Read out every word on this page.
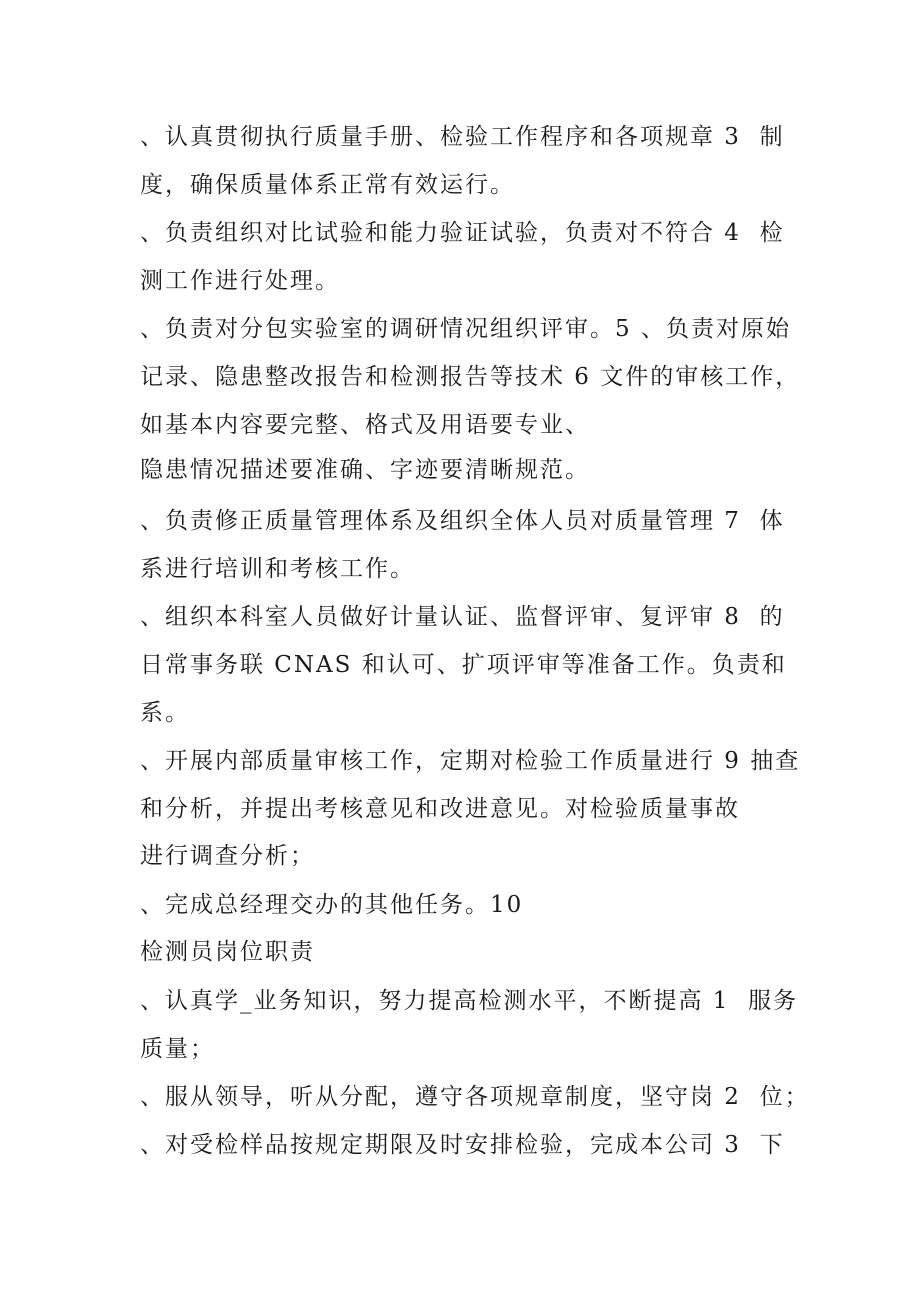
、认真贯彻执行质量手册、检验工作程序和各项规章 3  制

度，确保质量体系正常有效运行。

、负责组织对比试验和能力验证试验，负责对不符合 4  检

测工作进行处理。

、负责对分包实验室的调研情况组织评审。5 、负责对原始

记录、隐患整改报告和检测报告等技术 6 文件的审核工作，

如基本内容要完整、格式及用语要专业、

隐患情况描述要准确、字迹要清晰规范。

、负责修正质量管理体系及组织全体人员对质量管理 7  体

系进行培训和考核工作。

、组织本科室人员做好计量认证、监督评审、复评审 8  的

日常事务联 CNAS 和认可、扩项评审等准备工作。负责和

系。

、开展内部质量审核工作，定期对检验工作质量进行 9 抽查

和分析，并提出考核意见和改进意见。对检验质量事故

进行调查分析；

、完成总经理交办的其他任务。10

检测员岗位职责

、认真学_业务知识，努力提高检测水平，不断提高 1  服务

质量；

、服从领导，听从分配，遵守各项规章制度，坚守岗 2  位；

、对受检样品按规定期限及时安排检验，完成本公司 3  下
